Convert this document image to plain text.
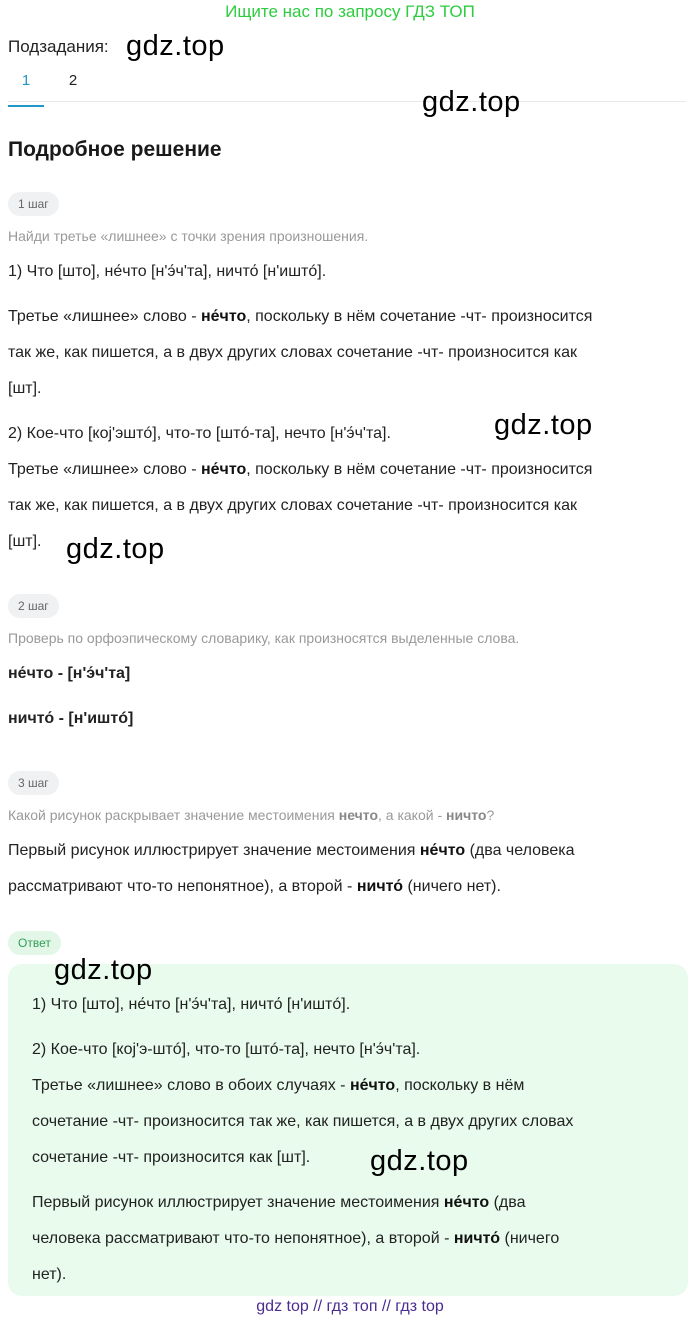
Ищите нас по запросу ГДЗ ТОП
Подзадания: gdz.top
1	2
gdz.top
Подробное решение
1 шаг
Найди третье «лишнее» с точки зрения произношения.
1) Что [што], не́что [н'э́ч'та], ничто́ [н'иштó].
Третье «лишнее» слово - не́что, поскольку в нём сочетание -чт- произносится
так же, как пишется, а в двух других словах сочетание -чт- произносится как
[шт].
2) Кое-что [коj'эштó], что-то [штó-та], нечто [н'э́ч'та].	gdz.top
Третье «лишнее» слово - не́что, поскольку в нём сочетание -чт- произносится
так же, как пишется, а в двух других словах сочетание -чт- произносится как
[шт]. gdz.top
2 шаг
Проверь по орфоэпическому словарику, как произносятся выделенные слова.
не́что - [н'э́ч'та]
ничто́ - [н'иштó]
3 шаг
Какой рисунок раскрывает значение местоимения нечто, а какой - ничто?
Первый рисунок иллюстрирует значение местоимения не́что (два человека
рассматривают что-то непонятное), а второй - ничто́ (ничего нет).
Ответ
gdz.top
1) Что [што], не́что [н'э́ч'та], ничто́ [н'иштó].
2) Кое-что [коj'э-штó], что-то [штó-та], нечто [н'э́ч'та].
Третье «лишнее» слово в обоих случаях - не́что, поскольку в нём
сочетание -чт- произносится так же, как пишется, а в двух других словах
сочетание -чт- произносится как [шт]. gdz.top
Первый рисунок иллюстрирует значение местоимения не́что (два
человека рассматривают что-то непонятное), а второй - ничто́ (ничего
нет).
gdz top // гдз топ // гдз top
